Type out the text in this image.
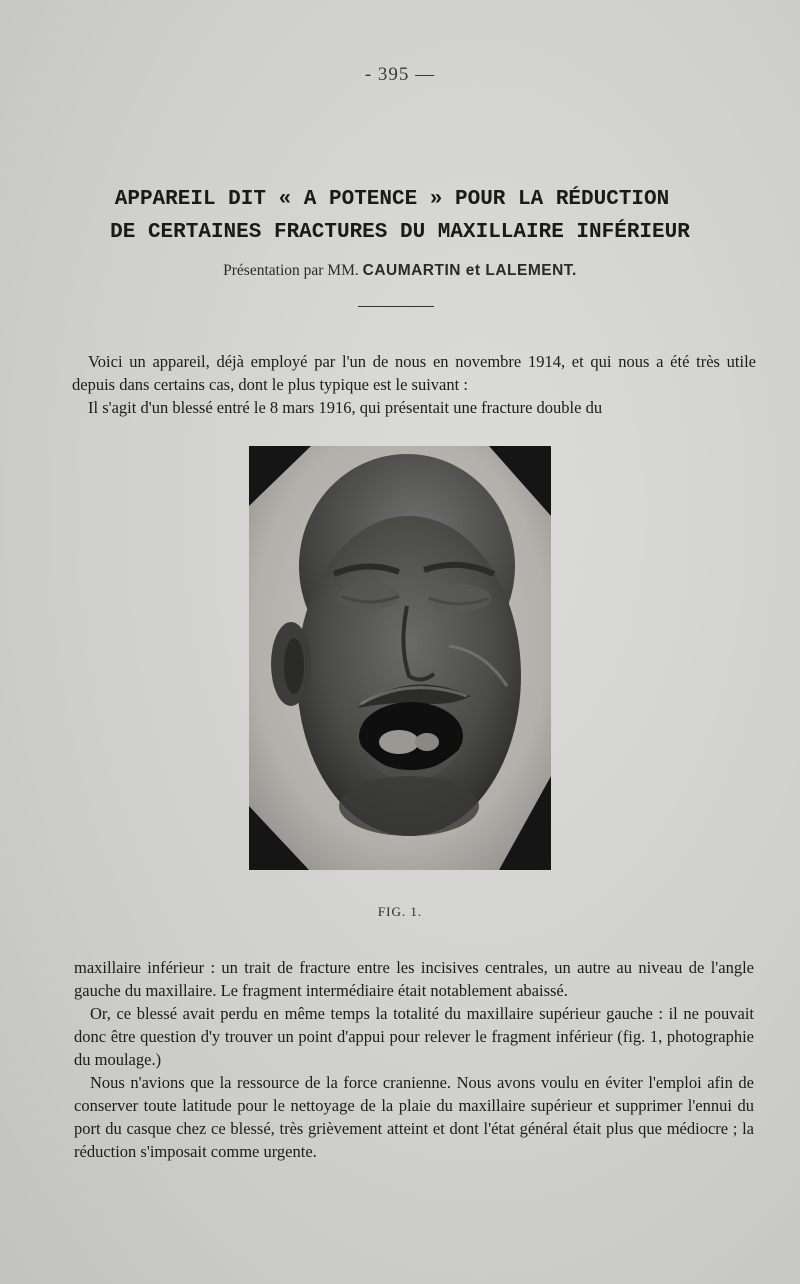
- 395 —
APPAREIL DIT « A POTENCE » POUR LA RÉDUCTION
DE CERTAINES FRACTURES DU MAXILLAIRE INFÉRIEUR
Présentation par MM. CAUMARTIN et LALEMENT.

Voici un appareil, déjà employé par l'un de nous en novembre 1914, et qui nous a été très utile depuis dans certains cas, dont le plus typique est le suivant :

Il s'agit d'un blessé entré le 8 mars 1916, qui présentait une fracture double du

FIG. 1.

maxillaire inférieur : un trait de fracture entre les incisives centrales, un autre au niveau de l'angle gauche du maxillaire. Le fragment intermédiaire était notablement abaissé.

Or, ce blessé avait perdu en même temps la totalité du maxillaire supérieur gauche : il ne pouvait donc être question d'y trouver un point d'appui pour relever le fragment inférieur (fig. 1, photographie du moulage.)

Nous n'avions que la ressource de la force cranienne. Nous avons voulu en éviter l'emploi afin de conserver toute latitude pour le nettoyage de la plaie du maxillaire supérieur et supprimer l'ennui du port du casque chez ce blessé, très grièvement atteint et dont l'état général était plus que médiocre ; la réduction s'imposait comme urgente.
